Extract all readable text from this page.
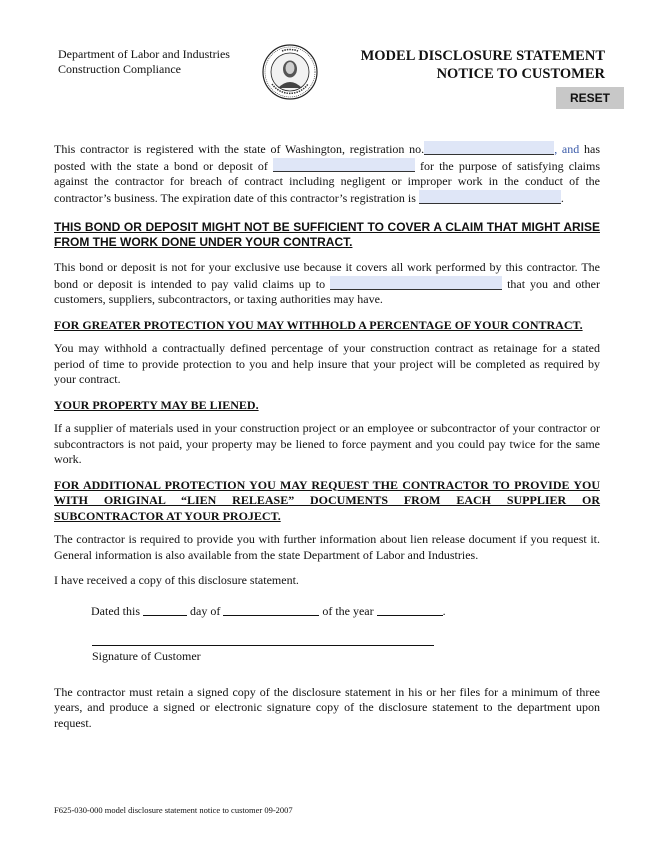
Department of Labor and Industries
Construction Compliance
MODEL DISCLOSURE STATEMENT
NOTICE TO CUSTOMER
RESET

This contractor is registered with the state of Washington, registration no.	, and has posted with the state a bond or deposit of	for the purpose of satisfying claims against the contractor for breach of contract including negligent or improper work in the conduct of the contractor’s business. The expiration date of this contractor’s registration is	.

THIS BOND OR DEPOSIT MIGHT NOT BE SUFFICIENT TO COVER A CLAIM THAT MIGHT ARISE FROM THE WORK DONE UNDER YOUR CONTRACT.

This bond or deposit is not for your exclusive use because it covers all work performed by this contractor. The bond or deposit is intended to pay valid claims up to	that you and other customers, suppliers, subcontractors, or taxing authorities may have.

FOR GREATER PROTECTION YOU MAY WITHHOLD A PERCENTAGE OF YOUR CONTRACT.

You may withhold a contractually defined percentage of your construction contract as retainage for a stated period of time to provide protection to you and help insure that your project will be completed as required by your contract.

YOUR PROPERTY MAY BE LIENED.

If a supplier of materials used in your construction project or an employee or subcontractor of your contractor or subcontractors is not paid, your property may be liened to force payment and you could pay twice for the same work.

FOR ADDITIONAL PROTECTION YOU MAY REQUEST THE CONTRACTOR TO PROVIDE YOU WITH ORIGINAL “LIEN RELEASE” DOCUMENTS FROM EACH SUPPLIER OR SUBCONTRACTOR AT YOUR PROJECT.

The contractor is required to provide you with further information about lien release document if you request it. General information is also available from the state Department of Labor and Industries.

I have received a copy of this disclosure statement.

Dated this	day of	of the year	.

Signature of Customer

The contractor must retain a signed copy of the disclosure statement in his or her files for a minimum of three years, and produce a signed or electronic signature copy of the disclosure statement to the department upon request.

F625-030-000 model disclosure statement notice to customer 09-2007
